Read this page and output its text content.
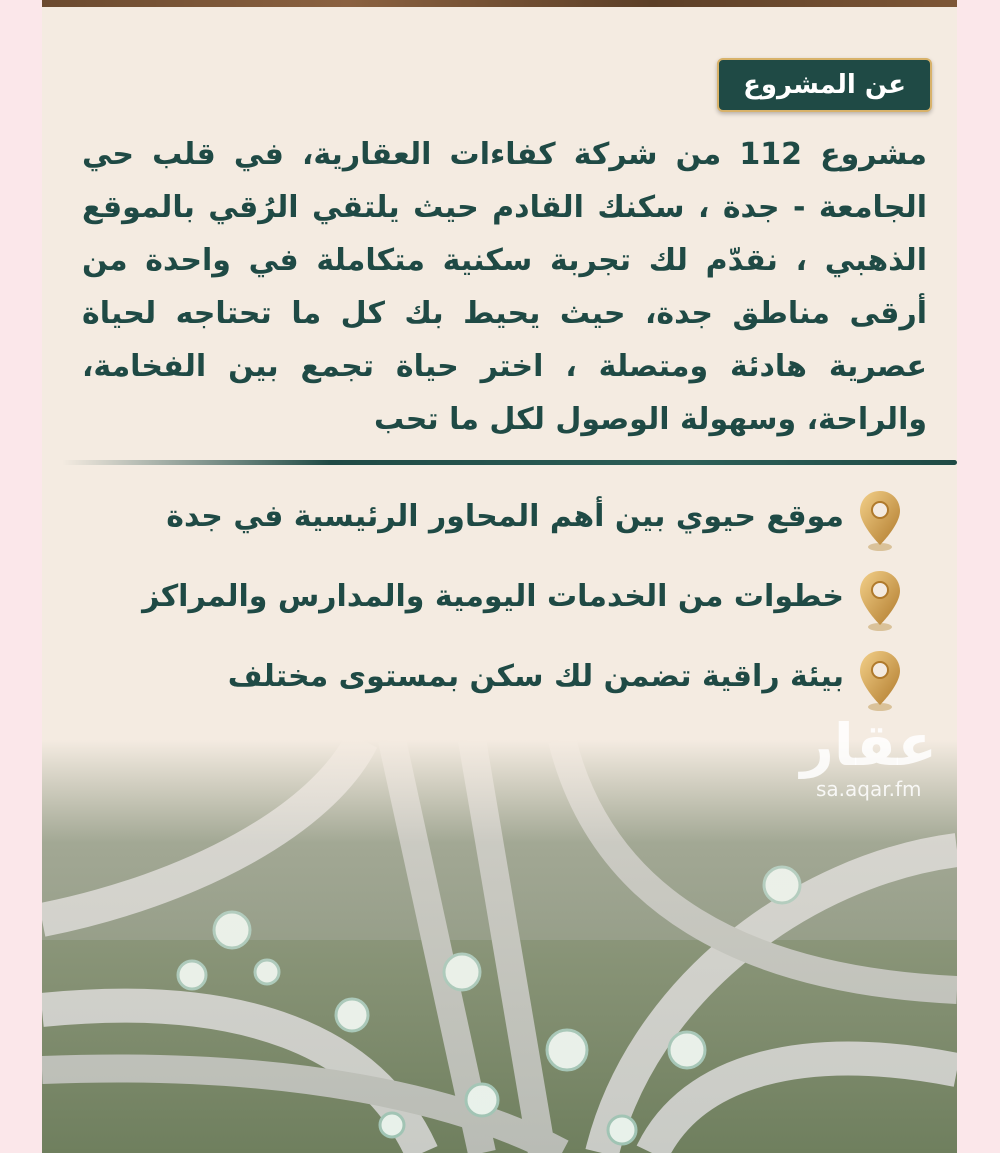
عن المشروع
مشروع 112 من شركة كفاءات العقارية، في قلب حي الجامعة - جدة ، سكنك القادم حيث يلتقي الرُقي بالموقع الذهبي ، نقدّم لك تجربة سكنية متكاملة في واحدة من أرقى مناطق جدة، حيث يحيط بك كل ما تحتاجه لحياة عصرية هادئة ومتصلة ، اختر حياة تجمع بين الفخامة، والراحة، وسهولة الوصول لكل ما تحب
موقع حيوي بين أهم المحاور الرئيسية في جدة
خطوات من الخدمات اليومية والمدارس والمراكز
بيئة راقية تضمن لك سكن بمستوى مختلف
عقار
sa.aqar.fm
